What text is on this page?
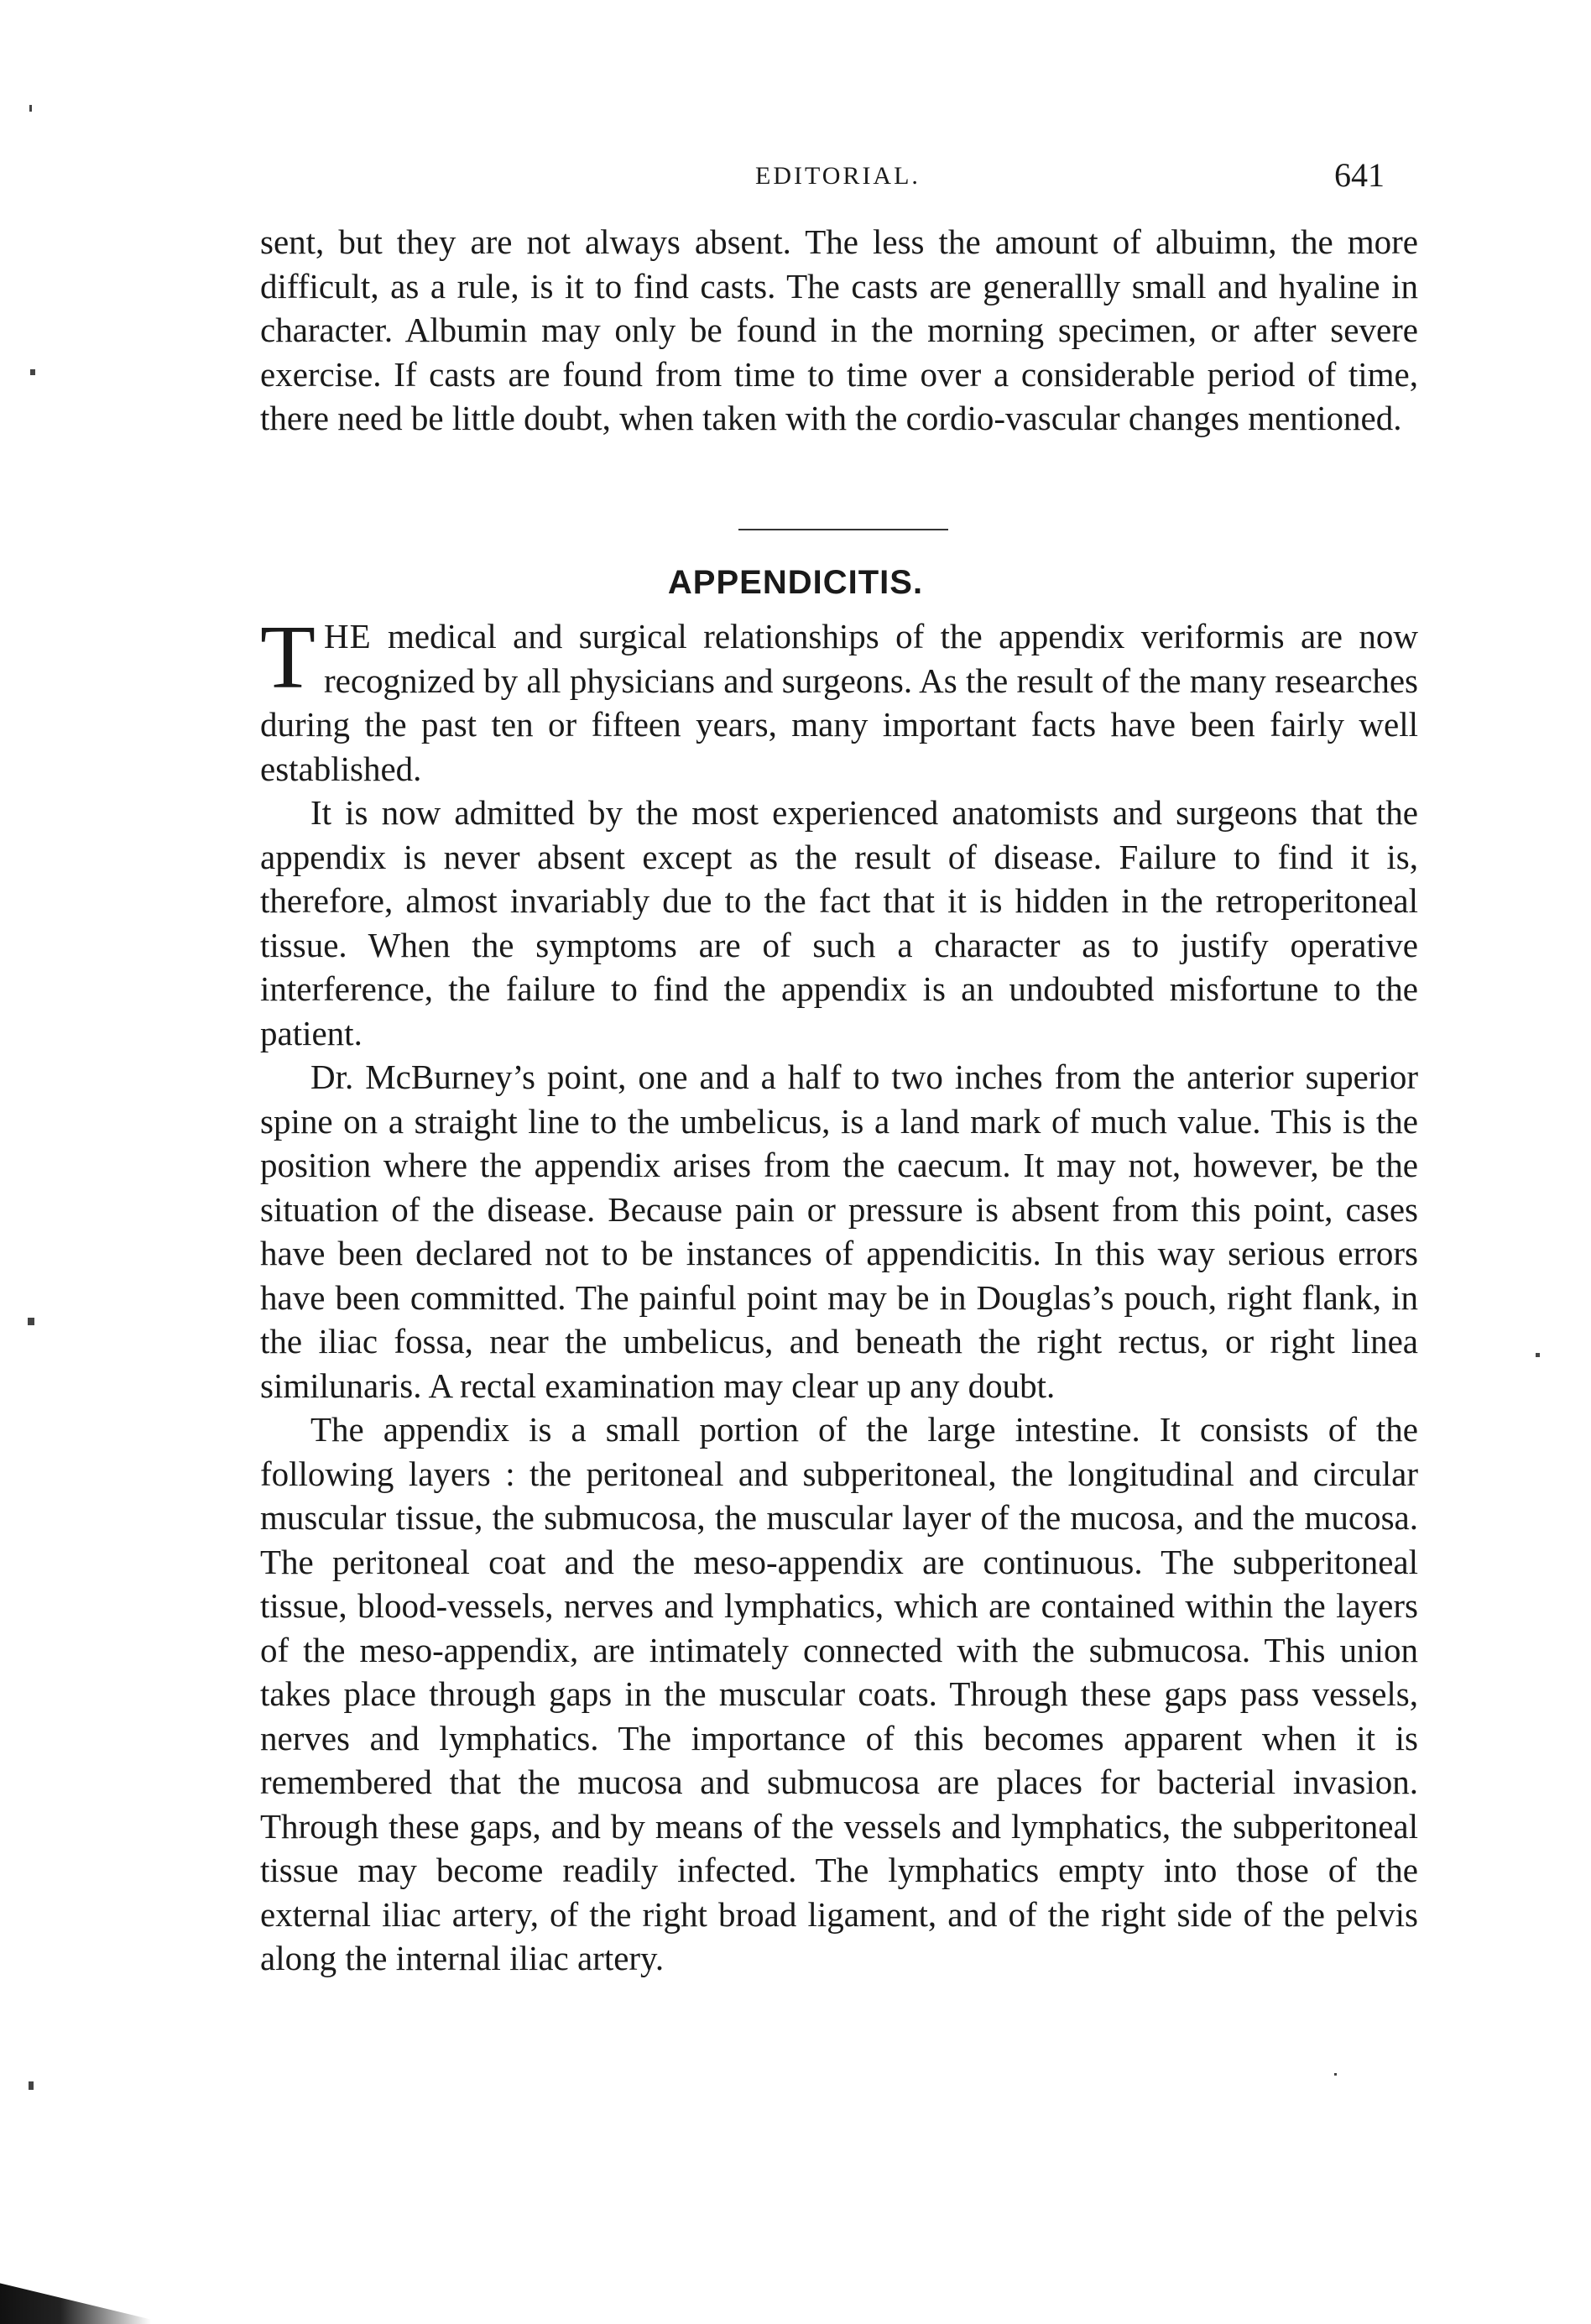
EDITORIAL.	641

sent, but they are not always absent. The less the amount of albuimn, the more difficult, as a rule, is it to find casts. The casts are generallly small and hyaline in character. Albumin may only be found in the morning specimen, or after severe exercise. If casts are found from time to time over a considerable period of time, there need be little doubt, when taken with the cordio-vascular changes mentioned.

APPENDICITIS.

THE medical and surgical relationships of the appendix veriformis are now recognized by all physicians and surgeons. As the result of the many researches during the past ten or fifteen years, many important facts have been fairly well established.

It is now admitted by the most experienced anatomists and surgeons that the appendix is never absent except as the result of disease. Failure to find it is, therefore, almost invariably due to the fact that it is hidden in the retroperitoneal tissue. When the symptoms are of such a character as to justify operative interference, the failure to find the appendix is an undoubted misfortune to the patient.

Dr. McBurney’s point, one and a half to two inches from the anterior superior spine on a straight line to the umbelicus, is a land mark of much value. This is the position where the appendix arises from the caecum. It may not, however, be the situation of the disease. Because pain or pressure is absent from this point, cases have been declared not to be instances of appendicitis. In this way serious errors have been committed. The painful point may be in Douglas’s pouch, right flank, in the iliac fossa, near the umbelicus, and beneath the right rectus, or right linea similunaris. A rectal examination may clear up any doubt.

The appendix is a small portion of the large intestine. It consists of the following layers : the peritoneal and subperitoneal, the longitudinal and circular muscular tissue, the submucosa, the muscular layer of the mucosa, and the mucosa. The peritoneal coat and the meso-appendix are continuous. The subperitoneal tissue, blood-vessels, nerves and lymphatics, which are contained within the layers of the meso-appendix, are intimately connected with the submucosa. This union takes place through gaps in the muscular coats. Through these gaps pass vessels, nerves and lymphatics. The importance of this becomes apparent when it is remembered that the mucosa and submucosa are places for bacterial invasion. Through these gaps, and by means of the vessels and lymphatics, the subperitoneal tissue may become readily infected. The lymphatics empty into those of the external iliac artery, of the right broad ligament, and of the right side of the pelvis along the internal iliac artery.
